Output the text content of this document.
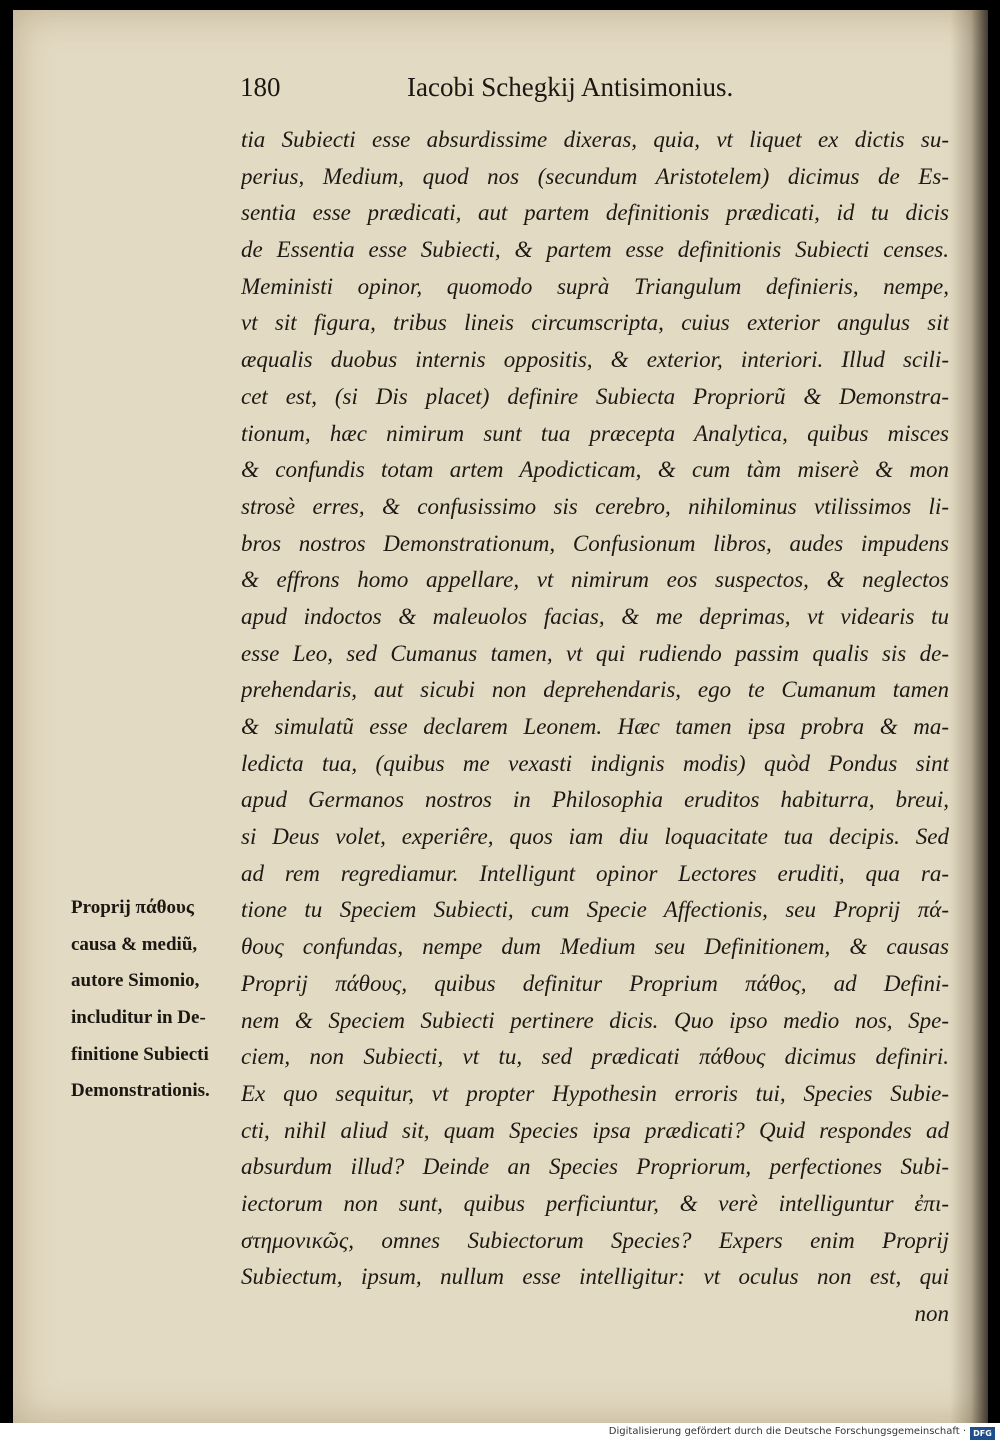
180	Iacobi Schegkij Antisimonius.
tia Subiecti esse absurdissime dixeras, quia, vt liquet ex dictis su-
perius, Medium, quod nos (secundum Aristotelem) dicimus de Es-
sentia esse prædicati, aut partem definitionis prædicati, id tu dicis
de Essentia esse Subiecti, & partem esse definitionis Subiecti censes.
Meministi opinor, quomodo suprà Triangulum definieris, nempe,
vt sit figura, tribus lineis circumscripta, cuius exterior angulus sit
æqualis duobus internis oppositis, & exterior, interiori. Illud scili-
cet est, (si Dis placet) definire Subiecta Propriorũ & Demonstra-
tionum, hæc nimirum sunt tua præcepta Analytica, quibus misces
& confundis totam artem Apodicticam, & cum tàm miserè & mon
strosè erres, & confusissimo sis cerebro, nihilominus vtilissimos li-
bros nostros Demonstrationum, Confusionum libros, audes impudens
& effrons homo appellare, vt nimirum eos suspectos, & neglectos
apud indoctos & maleuolos facias, & me deprimas, vt videaris tu
esse Leo, sed Cumanus tamen, vt qui rudiendo passim qualis sis de-
prehendaris, aut sicubi non deprehendaris, ego te Cumanum tamen
& simulatũ esse declarem Leonem. Hæc tamen ipsa probra & ma-
ledicta tua, (quibus me vexasti indignis modis) quòd Pondus sint
apud Germanos nostros in Philosophia eruditos habiturra, breui,
si Deus volet, experiêre, quos iam diu loquacitate tua decipis. Sed
ad rem regrediamur. Intelligunt opinor Lectores eruditi, qua ra-
tione tu Speciem Subiecti, cum Specie Affectionis, seu Proprij πά-
θους confundas, nempe dum Medium seu Definitionem, & causas
Proprij πάθους, quibus definitur Proprium πάθος, ad Defini-
nem & Speciem Subiecti pertinere dicis. Quo ipso medio nos, Spe-
ciem, non Subiecti, vt tu, sed prædicati πάθους dicimus definiri.
Ex quo sequitur, vt propter Hypothesin erroris tui, Species Subie-
cti, nihil aliud sit, quam Species ipsa prædicati? Quid respondes ad
absurdum illud? Deinde an Species Propriorum, perfectiones Subi-
iectorum non sunt, quibus perficiuntur, & verè intelliguntur ἐπι-
στημονικῶς, omnes Subiectorum Species? Expers enim Proprij
Subiectum, ipsum, nullum esse intelligitur: vt oculus non est, qui
non
Proprij πάθους
causa & mediũ,
autore Simonio,
includitur in De-
finitione Subiecti
Demonstrationis.
Digitalisierung gefördert durch die Deutsche Forschungsgemeinschaft · DFG
